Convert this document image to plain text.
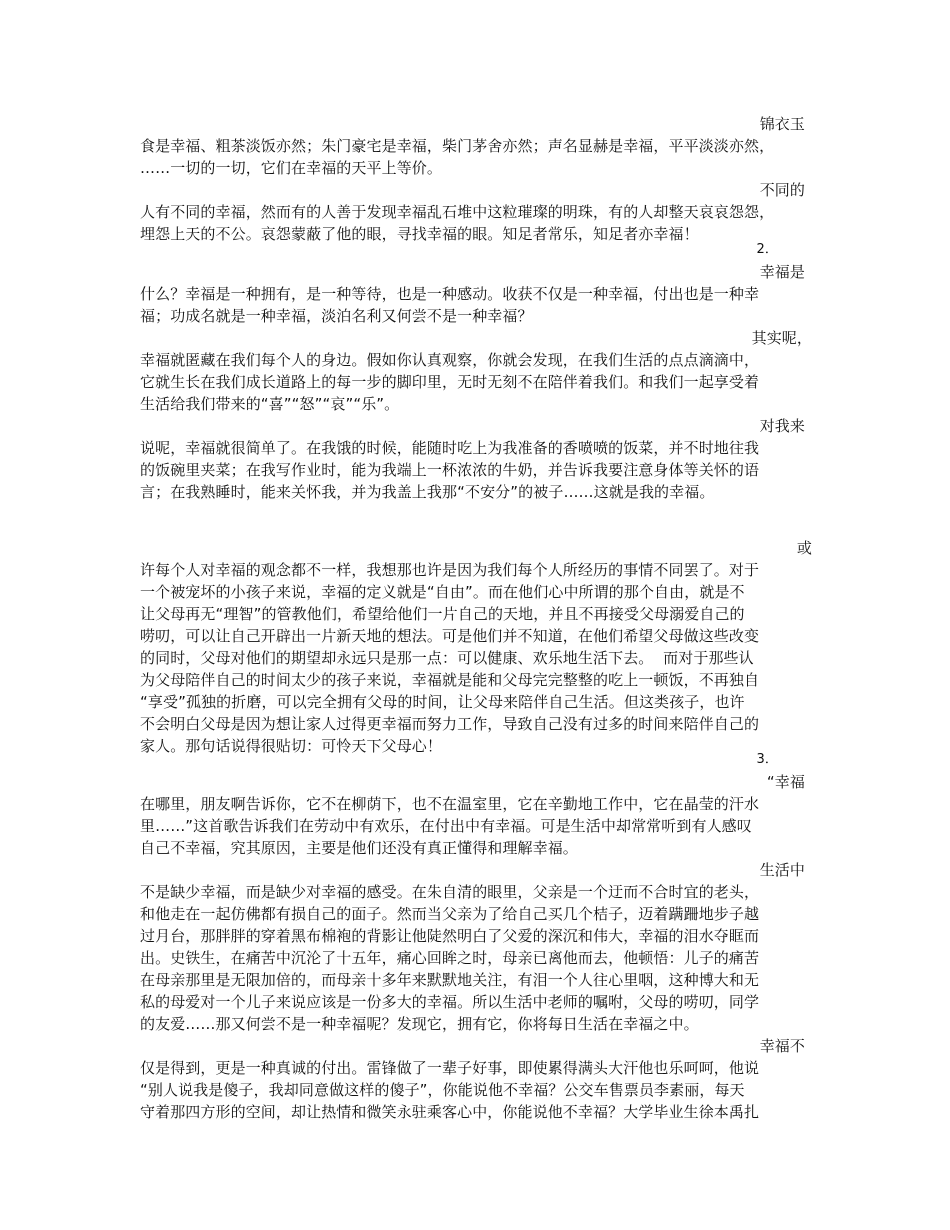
锦衣玉
食是幸福、粗茶淡饭亦然；朱门豪宅是幸福，柴门茅舍亦然；声名显赫是幸福，平平淡淡亦然，
……一切的一切，它们在幸福的天平上等价。
不同的
人有不同的幸福，然而有的人善于发现幸福乱石堆中这粒璀璨的明珠，有的人却整天哀哀怨怨，
埋怨上天的不公。哀怨蒙蔽了他的眼，寻找幸福的眼。知足者常乐，知足者亦幸福！
2．
幸福是
什么？幸福是一种拥有，是一种等待，也是一种感动。收获不仅是一种幸福，付出也是一种幸
福；功成名就是一种幸福，淡泊名利又何尝不是一种幸福？
其实呢，
幸福就匿藏在我们每个人的身边。假如你认真观察，你就会发现，在我们生活的点点滴滴中，
它就生长在我们成长道路上的每一步的脚印里，无时无刻不在陪伴着我们。和我们一起享受着
生活给我们带来的“喜”“怒”“哀”“乐”。
对我来
说呢，幸福就很简单了。在我饿的时候，能随时吃上为我准备的香喷喷的饭菜，并不时地往我
的饭碗里夹菜；在我写作业时，能为我端上一杯浓浓的牛奶，并告诉我要注意身体等关怀的语
言；在我熟睡时，能来关怀我，并为我盖上我那“不安分”的被子……这就是我的幸福。
或
许每个人对幸福的观念都不一样，我想那也许是因为我们每个人所经历的事情不同罢了。对于
一个被宠坏的小孩子来说，幸福的定义就是“自由”。而在他们心中所谓的那个自由，就是不
让父母再无“理智”的管教他们，希望给他们一片自己的天地，并且不再接受父母溺爱自己的
唠叨，可以让自己开辟出一片新天地的想法。可是他们并不知道，在他们希望父母做这些改变
的同时，父母对他们的期望却永远只是那一点：可以健康、欢乐地生活下去。  而对于那些认
为父母陪伴自己的时间太少的孩子来说，幸福就是能和父母完完整整的吃上一顿饭，不再独自
“享受”孤独的折磨，可以完全拥有父母的时间，让父母来陪伴自己生活。但这类孩子，也许
不会明白父母是因为想让家人过得更幸福而努力工作，导致自己没有过多的时间来陪伴自己的
家人。那句话说得很贴切：可怜天下父母心！
3．
“幸福
在哪里，朋友啊告诉你，它不在柳荫下，也不在温室里，它在辛勤地工作中，它在晶莹的汗水
里……”这首歌告诉我们在劳动中有欢乐，在付出中有幸福。可是生活中却常常听到有人感叹
自己不幸福，究其原因，主要是他们还没有真正懂得和理解幸福。
生活中
不是缺少幸福，而是缺少对幸福的感受。在朱自清的眼里，父亲是一个迂而不合时宜的老头，
和他走在一起仿佛都有损自己的面子。然而当父亲为了给自己买几个桔子，迈着蹒跚地步子越
过月台，那胖胖的穿着黑布棉袍的背影让他陡然明白了父爱的深沉和伟大，幸福的泪水夺眶而
出。史铁生，在痛苦中沉沦了十五年，痛心回眸之时，母亲已离他而去，他顿悟：儿子的痛苦
在母亲那里是无限加倍的，而母亲十多年来默默地关注，有泪一个人往心里咽，这种博大和无
私的母爱对一个儿子来说应该是一份多大的幸福。所以生活中老师的嘱咐，父母的唠叨，同学
的友爱……那又何尝不是一种幸福呢？发现它，拥有它，你将每日生活在幸福之中。
幸福不
仅是得到，更是一种真诚的付出。雷锋做了一辈子好事，即使累得满头大汗他也乐呵呵，他说
“别人说我是傻子，我却同意做这样的傻子”，你能说他不幸福？公交车售票员李素丽，每天
守着那四方形的空间，却让热情和微笑永驻乘客心中，你能说他不幸福？大学毕业生徐本禹扎
